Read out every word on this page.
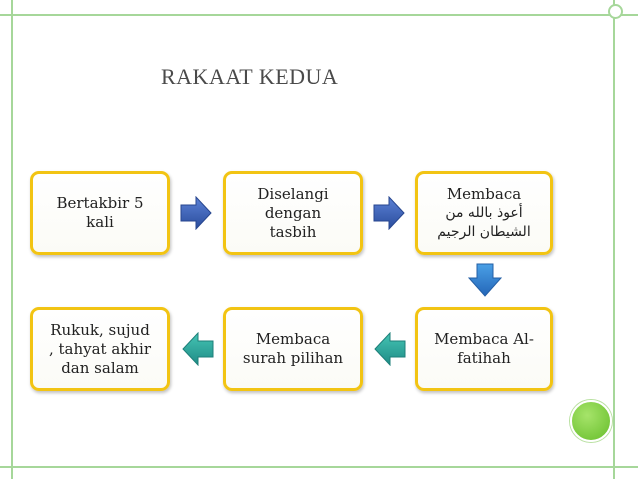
RAKAAT KEDUA
Bertakbir 5
kali
Diselangi
dengan
tasbih
Membaca
أعوذ بالله من
الشيطان الرجيم
Rukuk, sujud
, tahyat akhir
dan salam
Membaca
surah pilihan
Membaca Al-
fatihah
